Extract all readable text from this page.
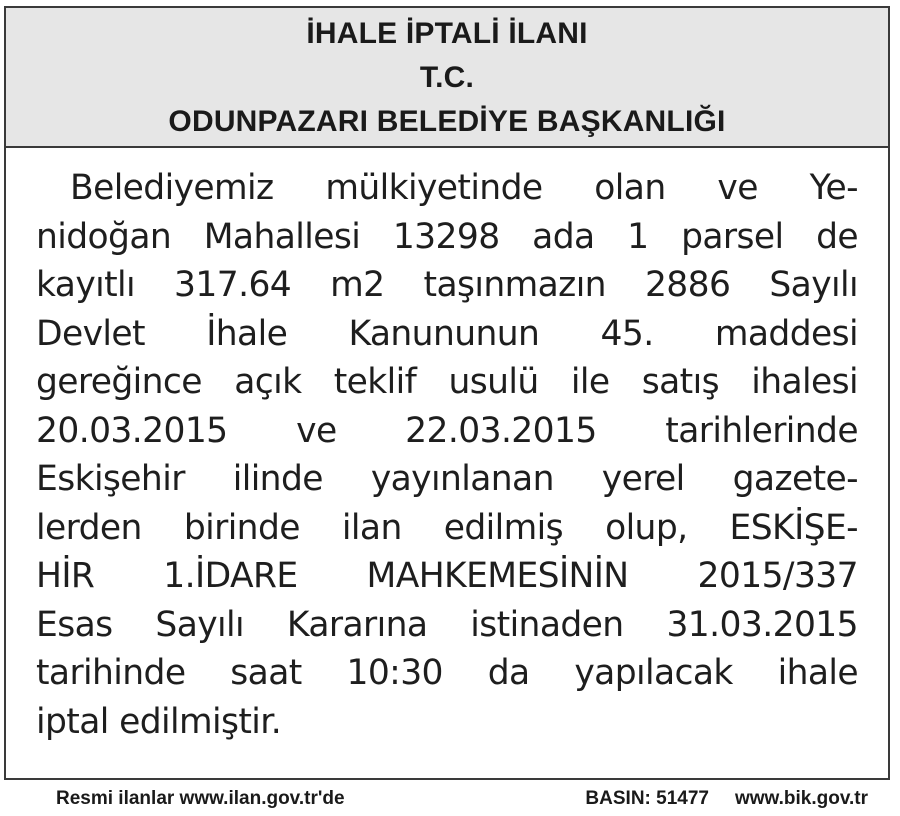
İHALE İPTALİ İLANI
T.C.
ODUNPAZARI BELEDİYE BAŞKANLIĞI
Belediyemiz mülkiyetinde olan ve Ye-
nidoğan Mahallesi 13298 ada 1 parsel de
kayıtlı 317.64 m2 taşınmazın 2886 Sayılı
Devlet İhale Kanununun 45. maddesi
gereğince açık teklif usulü ile satış ihalesi
20.03.2015 ve 22.03.2015 tarihlerinde
Eskişehir ilinde yayınlanan yerel gazete-
lerden birinde ilan edilmiş olup, ESKİŞE-
HİR 1.İDARE MAHKEMESİNİN 2015/337
Esas Sayılı Kararına istinaden 31.03.2015
tarihinde saat 10:30 da yapılacak ihale
iptal edilmiştir.
Resmi ilanlar www.ilan.gov.tr'de	BASIN: 51477 www.bik.gov.tr
